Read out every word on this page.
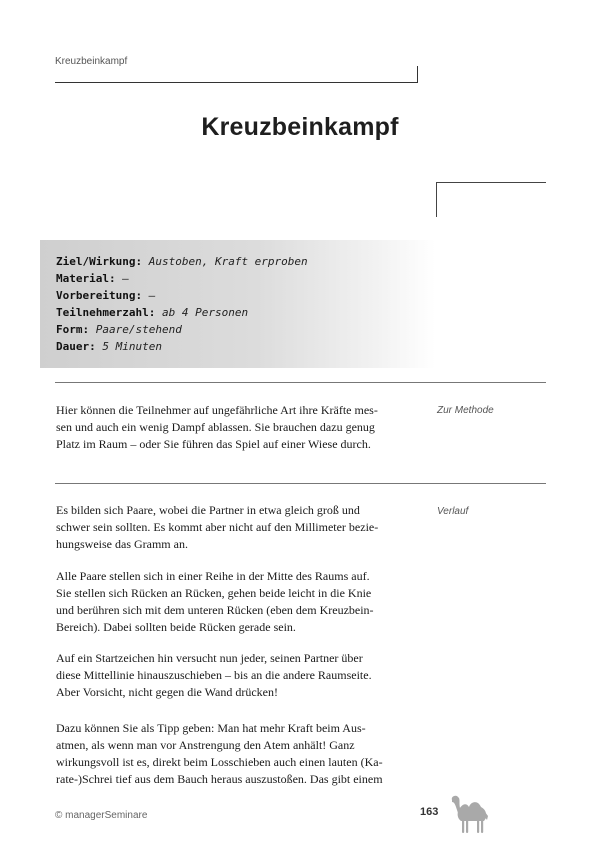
Kreuzbeinkampf
Kreuzbeinkampf
Ziel/Wirkung: Austoben, Kraft erproben
Material: –
Vorbereitung: –
Teilnehmerzahl: ab 4 Personen
Form: Paare/stehend
Dauer: 5 Minuten
Zur Methode
Hier können die Teilnehmer auf ungefährliche Art ihre Kräfte mes-
sen und auch ein wenig Dampf ablassen. Sie brauchen dazu genug
Platz im Raum – oder Sie führen das Spiel auf einer Wiese durch.
Verlauf
Es bilden sich Paare, wobei die Partner in etwa gleich groß und
schwer sein sollten. Es kommt aber nicht auf den Millimeter bezie-
hungsweise das Gramm an.
Alle Paare stellen sich in einer Reihe in der Mitte des Raums auf.
Sie stellen sich Rücken an Rücken, gehen beide leicht in die Knie
und berühren sich mit dem unteren Rücken (eben dem Kreuzbein-
Bereich). Dabei sollten beide Rücken gerade sein.
Auf ein Startzeichen hin versucht nun jeder, seinen Partner über
diese Mittellinie hinauszuschieben – bis an die andere Raumseite.
Aber Vorsicht, nicht gegen die Wand drücken!
Dazu können Sie als Tipp geben: Man hat mehr Kraft beim Aus-
atmen, als wenn man vor Anstrengung den Atem anhält! Ganz
wirkungsvoll ist es, direkt beim Losschieben auch einen lauten (Ka-
rate-)Schrei tief aus dem Bauch heraus auszustoßen. Das gibt einem
© managerSeminare	163
